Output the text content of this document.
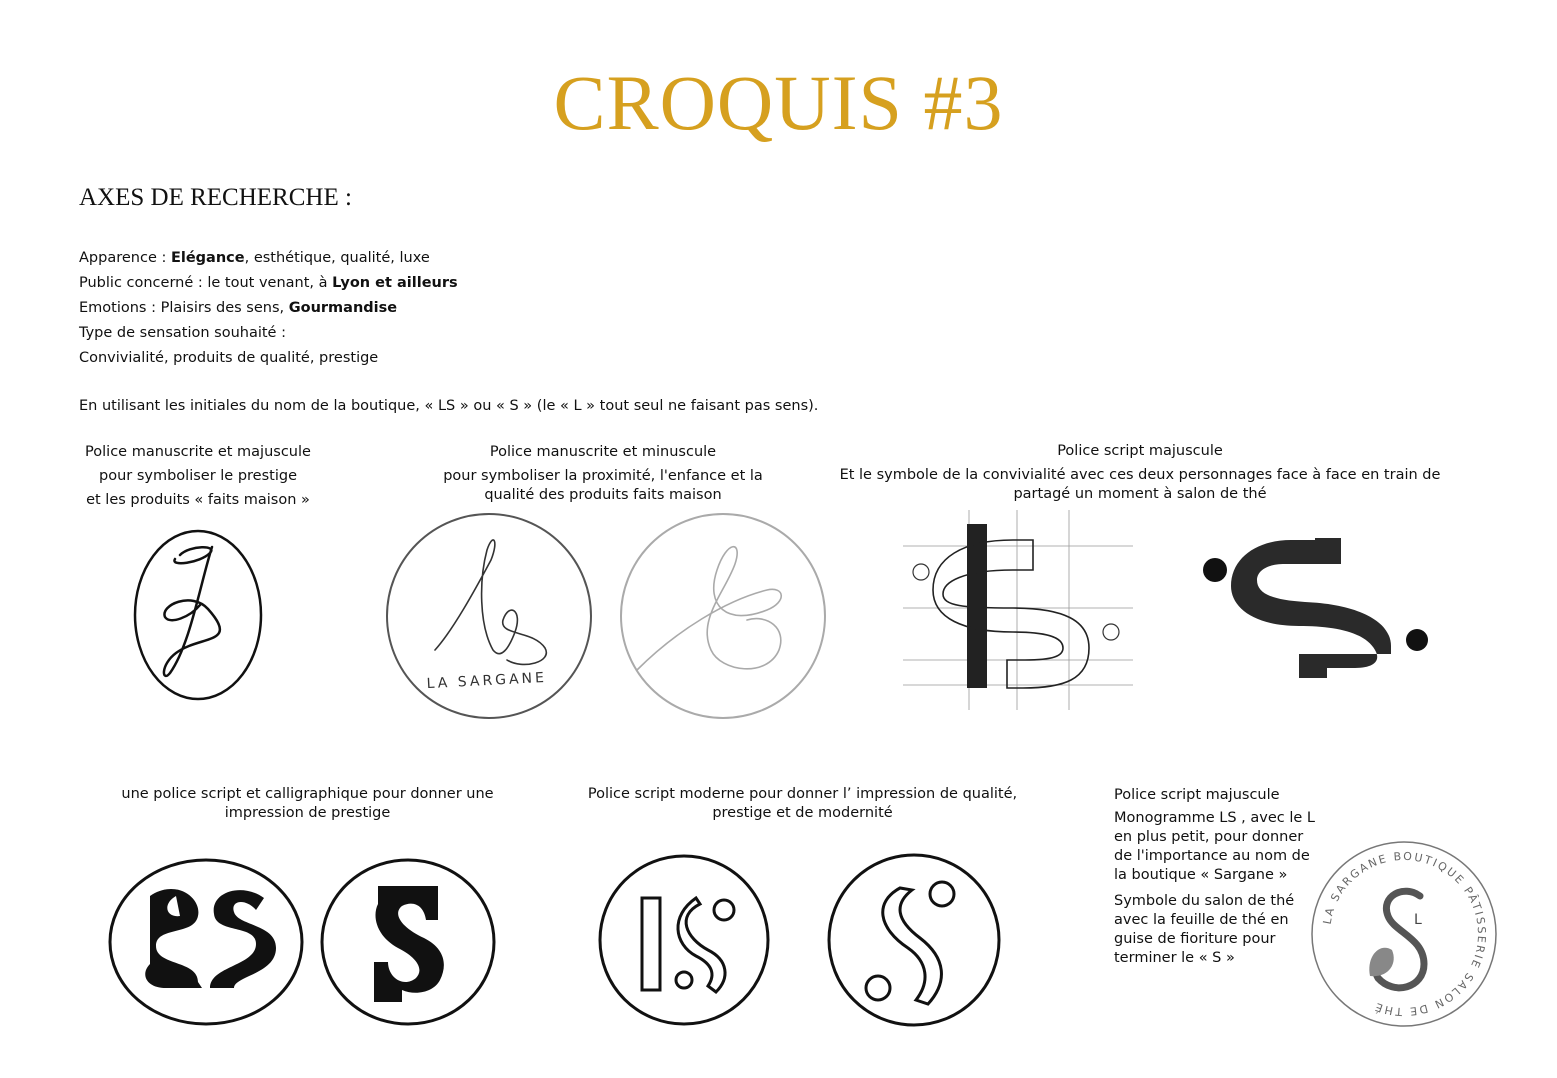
CROQUIS #3
AXES DE RECHERCHE :
Apparence : Elégance, esthétique, qualité, luxe
Public concerné : le tout venant, à Lyon et ailleurs
Emotions : Plaisirs des sens, Gourmandise
Type de sensation souhaité :
Convivialité, produits de qualité, prestige
En utilisant les initiales du nom de la boutique, « LS » ou « S » (le « L » tout seul ne faisant pas sens).
Police manuscrite et majuscule
pour symboliser le prestige
et les produits « faits maison »
Police manuscrite et minuscule
pour symboliser la proximité, l'enfance et la
qualité des produits faits maison
Police script majuscule
Et le symbole de la convivialité avec ces deux personnages face à face en train de
partagé un moment à salon de thé
LA SARGANE
une police script et calligraphique pour donner une
impression de prestige
Police script moderne pour donner l’ impression de qualité,
prestige et de modernité
Police script majuscule
Monogramme LS , avec le L
en plus petit, pour donner
de l'importance au nom de
la boutique « Sargane »
Symbole du salon de thé
avec la feuille de thé en
guise de fioriture pour
terminer le « S »
LA SARGANE BOUTIQUE PÂTISSERIE SALON DE THÉ
L
